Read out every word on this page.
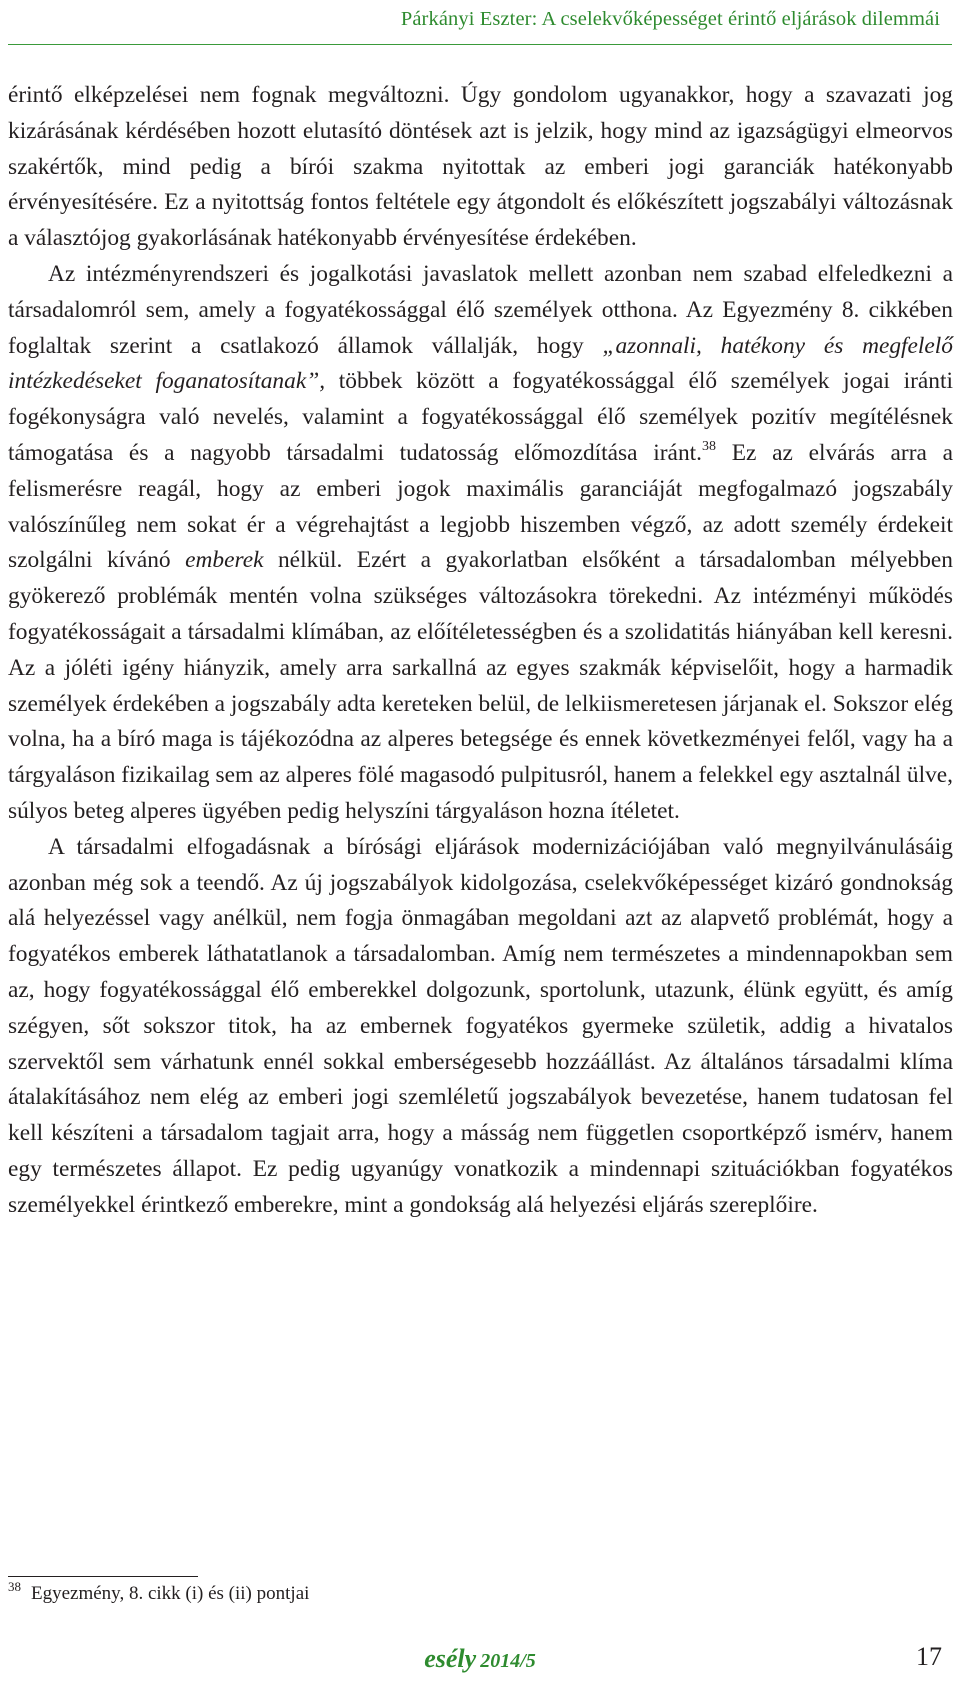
Párkányi Eszter: A cselekvőképességet érintő eljárások dilemmái

érintő elképzelései nem fognak megváltozni. Úgy gondolom ugyanakkor, hogy a szavazati jog kizárásának kérdésében hozott elutasító döntések azt is jelzik, hogy mind az igazságügyi elmeorvos szakértők, mind pedig a bírói szakma nyitottak az emberi jogi garanciák hatékonyabb érvényesítésére. Ez a nyitottság fontos feltétele egy átgondolt és előkészített jogszabályi változásnak a választójog gyakorlásának hatékonyabb érvényesítése érdekében.

Az intézményrendszeri és jogalkotási javaslatok mellett azonban nem szabad elfeledkezni a társadalomról sem, amely a fogyatékossággal élő személyek otthona. Az Egyezmény 8. cikkében foglaltak szerint a csatlakozó államok vállalják, hogy „azonnali, hatékony és megfelelő intézkedéseket foganatosítanak”, többek között a fogyatékossággal élő személyek jogai iránti fogékonyságra való nevelés, valamint a fogyatékossággal élő személyek pozitív megítélésnek támogatása és a nagyobb társadalmi tudatosság előmozdítása iránt.$^{38}$ Ez az elvárás arra a felismerésre reagál, hogy az emberi jogok maximális garanciáját megfogalmazó jogszabály valószínűleg nem sokat ér a végrehajtást a legjobb hiszemben végző, az adott személy érdekeit szolgálni kívánó emberek nélkül. Ezért a gyakorlatban elsőként a társadalomban mélyebben gyökerező problémák mentén volna szükséges változásokra törekedni. Az intézményi működés fogyatékosságait a társadalmi klímában, az előítéletességben és a szolidatitás hiányában kell keresni. Az a jóléti igény hiányzik, amely arra sarkallná az egyes szakmák képviselőit, hogy a harmadik személyek érdekében a jogszabály adta kereteken belül, de lelkiismeretesen járjanak el. Sokszor elég volna, ha a bíró maga is tájékozódna az alperes betegsége és ennek következményei felől, vagy ha a tárgyaláson fizikailag sem az alperes fölé magasodó pulpitusról, hanem a felekkel egy asztalnál ülve, súlyos beteg alperes ügyében pedig helyszíni tárgyaláson hozna ítéletet.

A társadalmi elfogadásnak a bírósági eljárások modernizációjában való megnyilvánulásáig azonban még sok a teendő. Az új jogszabályok kidolgozása, cselekvőképességet kizáró gondnokság alá helyezéssel vagy anélkül, nem fogja önmagában megoldani azt az alapvető problémát, hogy a fogyatékos emberek láthatatlanok a társadalomban. Amíg nem természetes a mindennapokban sem az, hogy fogyatékossággal élő emberekkel dolgozunk, sportolunk, utazunk, élünk együtt, és amíg szégyen, sőt sokszor titok, ha az embernek fogyatékos gyermeke születik, addig a hivatalos szervektől sem várhatunk ennél sokkal emberségesebb hozzáállást. Az általános társadalmi klíma átalakításához nem elég az emberi jogi szemléletű jogszabályok bevezetése, hanem tudatosan fel kell készíteni a társadalom tagjait arra, hogy a másság nem független csoportképző ismérv, hanem egy természetes állapot. Ez pedig ugyanúgy vonatkozik a mindennapi szituációkban fogyatékos személyekkel érintkező emberekre, mint a gondokság alá helyezési eljárás szereplőire.

$^{38}$ Egyezmény, 8. cikk (i) és (ii) pontjai
esély 2014/5	17
